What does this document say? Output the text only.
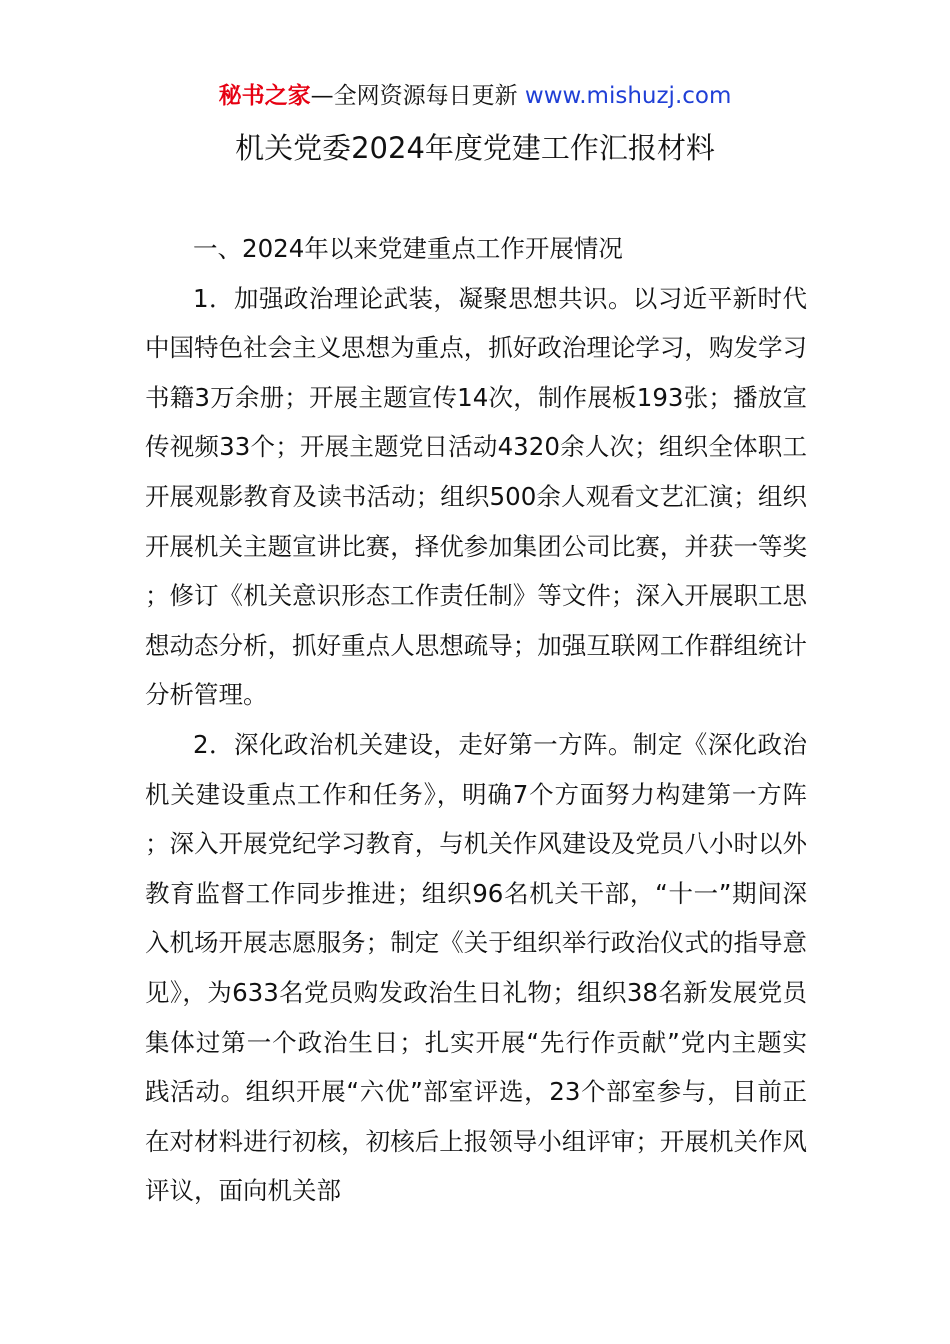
秘书之家—全网资源每日更新 www.mishuzj.com
机关党委2024年度党建工作汇报材料

一、2024年以来党建重点工作开展情况

1．加强政治理论武装，凝聚思想共识。以习近平新时代中国特色社会主义思想为重点，抓好政治理论学习，购发学习书籍3万余册；开展主题宣传14次，制作展板193张；播放宣传视频33个；开展主题党日活动4320余人次；组织全体职工开展观影教育及读书活动；组织500余人观看文艺汇演；组织开展机关主题宣讲比赛，择优参加集团公司比赛，并获一等奖；修订《机关意识形态工作责任制》等文件；深入开展职工思想动态分析，抓好重点人思想疏导；加强互联网工作群组统计分析管理。

2．深化政治机关建设，走好第一方阵。制定《深化政治机关建设重点工作和任务》，明确7个方面努力构建第一方阵；深入开展党纪学习教育，与机关作风建设及党员八小时以外教育监督工作同步推进；组织96名机关干部，“十一”期间深入机场开展志愿服务；制定《关于组织举行政治仪式的指导意见》，为633名党员购发政治生日礼物；组织38名新发展党员集体过第一个政治生日；扎实开展“先行作贡献”党内主题实践活动。组织开展“六优”部室评选，23个部室参与，目前正在对材料进行初核，初核后上报领导小组评审；开展机关作风评议，面向机关部
